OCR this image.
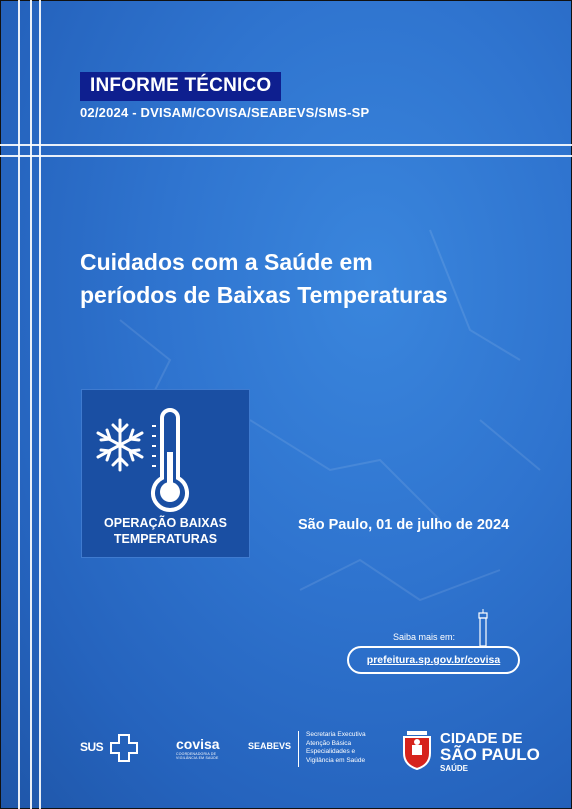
INFORME TÉCNICO
02/2024 - DVISAM/COVISA/SEABEVS/SMS-SP
Cuidados com a Saúde em
períodos de Baixas Temperaturas
OPERAÇÃO BAIXAS
TEMPERATURAS
São Paulo, 01 de julho de 2024
Saiba mais em:
prefeitura.sp.gov.br/covisa
SUS	covisa
COORDENADORIA DE
VIGILÂNCIA EM SAÚDE
SEABEVS
Secretaria Executiva
Atenção Básica
Especialidades e
Vigilância em Saúde
CIDADE DE
SÃO PAULO
SAÚDE
